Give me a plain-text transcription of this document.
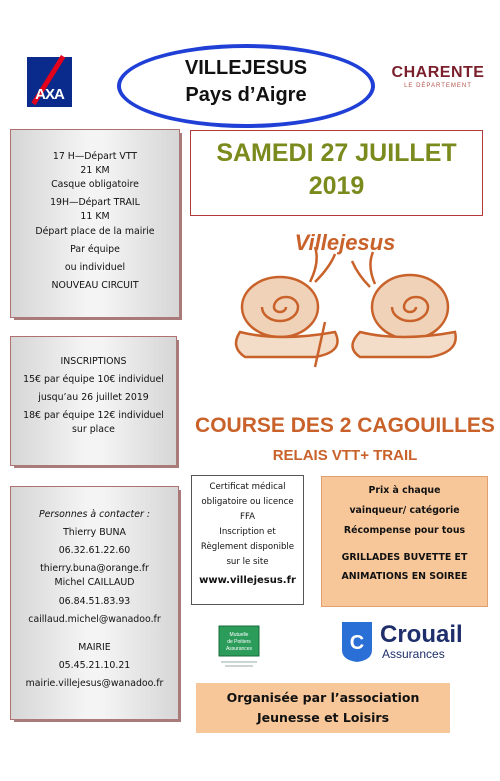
AXA
VILLEJESUS
Pays d’Aigre
CHARENTE
LE DÉPARTEMENT
17 H—Départ VTT
21 KM
Casque obligatoire
19H—Départ TRAIL
11 KM
Départ place de la mairie
Par équipe
ou individuel
NOUVEAU CIRCUIT
INSCRIPTIONS
15€ par équipe 10€ individuel
jusqu’au 26 juillet 2019
18€ par équipe 12€ individuel
sur place
Personnes à contacter :
Thierry BUNA
06.32.61.22.60
thierry.buna@orange.fr
Michel CAILLAUD
06.84.51.83.93
caillaud.michel@wanadoo.fr
MAIRIE
05.45.21.10.21
mairie.villejesus@wanadoo.fr
SAMEDI 27 JUILLET
2019
Villejesus
COURSE DES 2 CAGOUILLES
RELAIS VTT+ TRAIL
Certificat médical
obligatoire ou licence
FFA
Inscription et
Règlement disponible
sur le site
www.villejesus.fr
Prix à chaque
vainqueur/ catégorie
Récompense pour tous
GRILLADES BUVETTE ET
ANIMATIONS EN SOIREE
Mutuelle
de Poitiers
Assurances	C Crouail
Assurances
Organisée par l’association
Jeunesse et Loisirs
